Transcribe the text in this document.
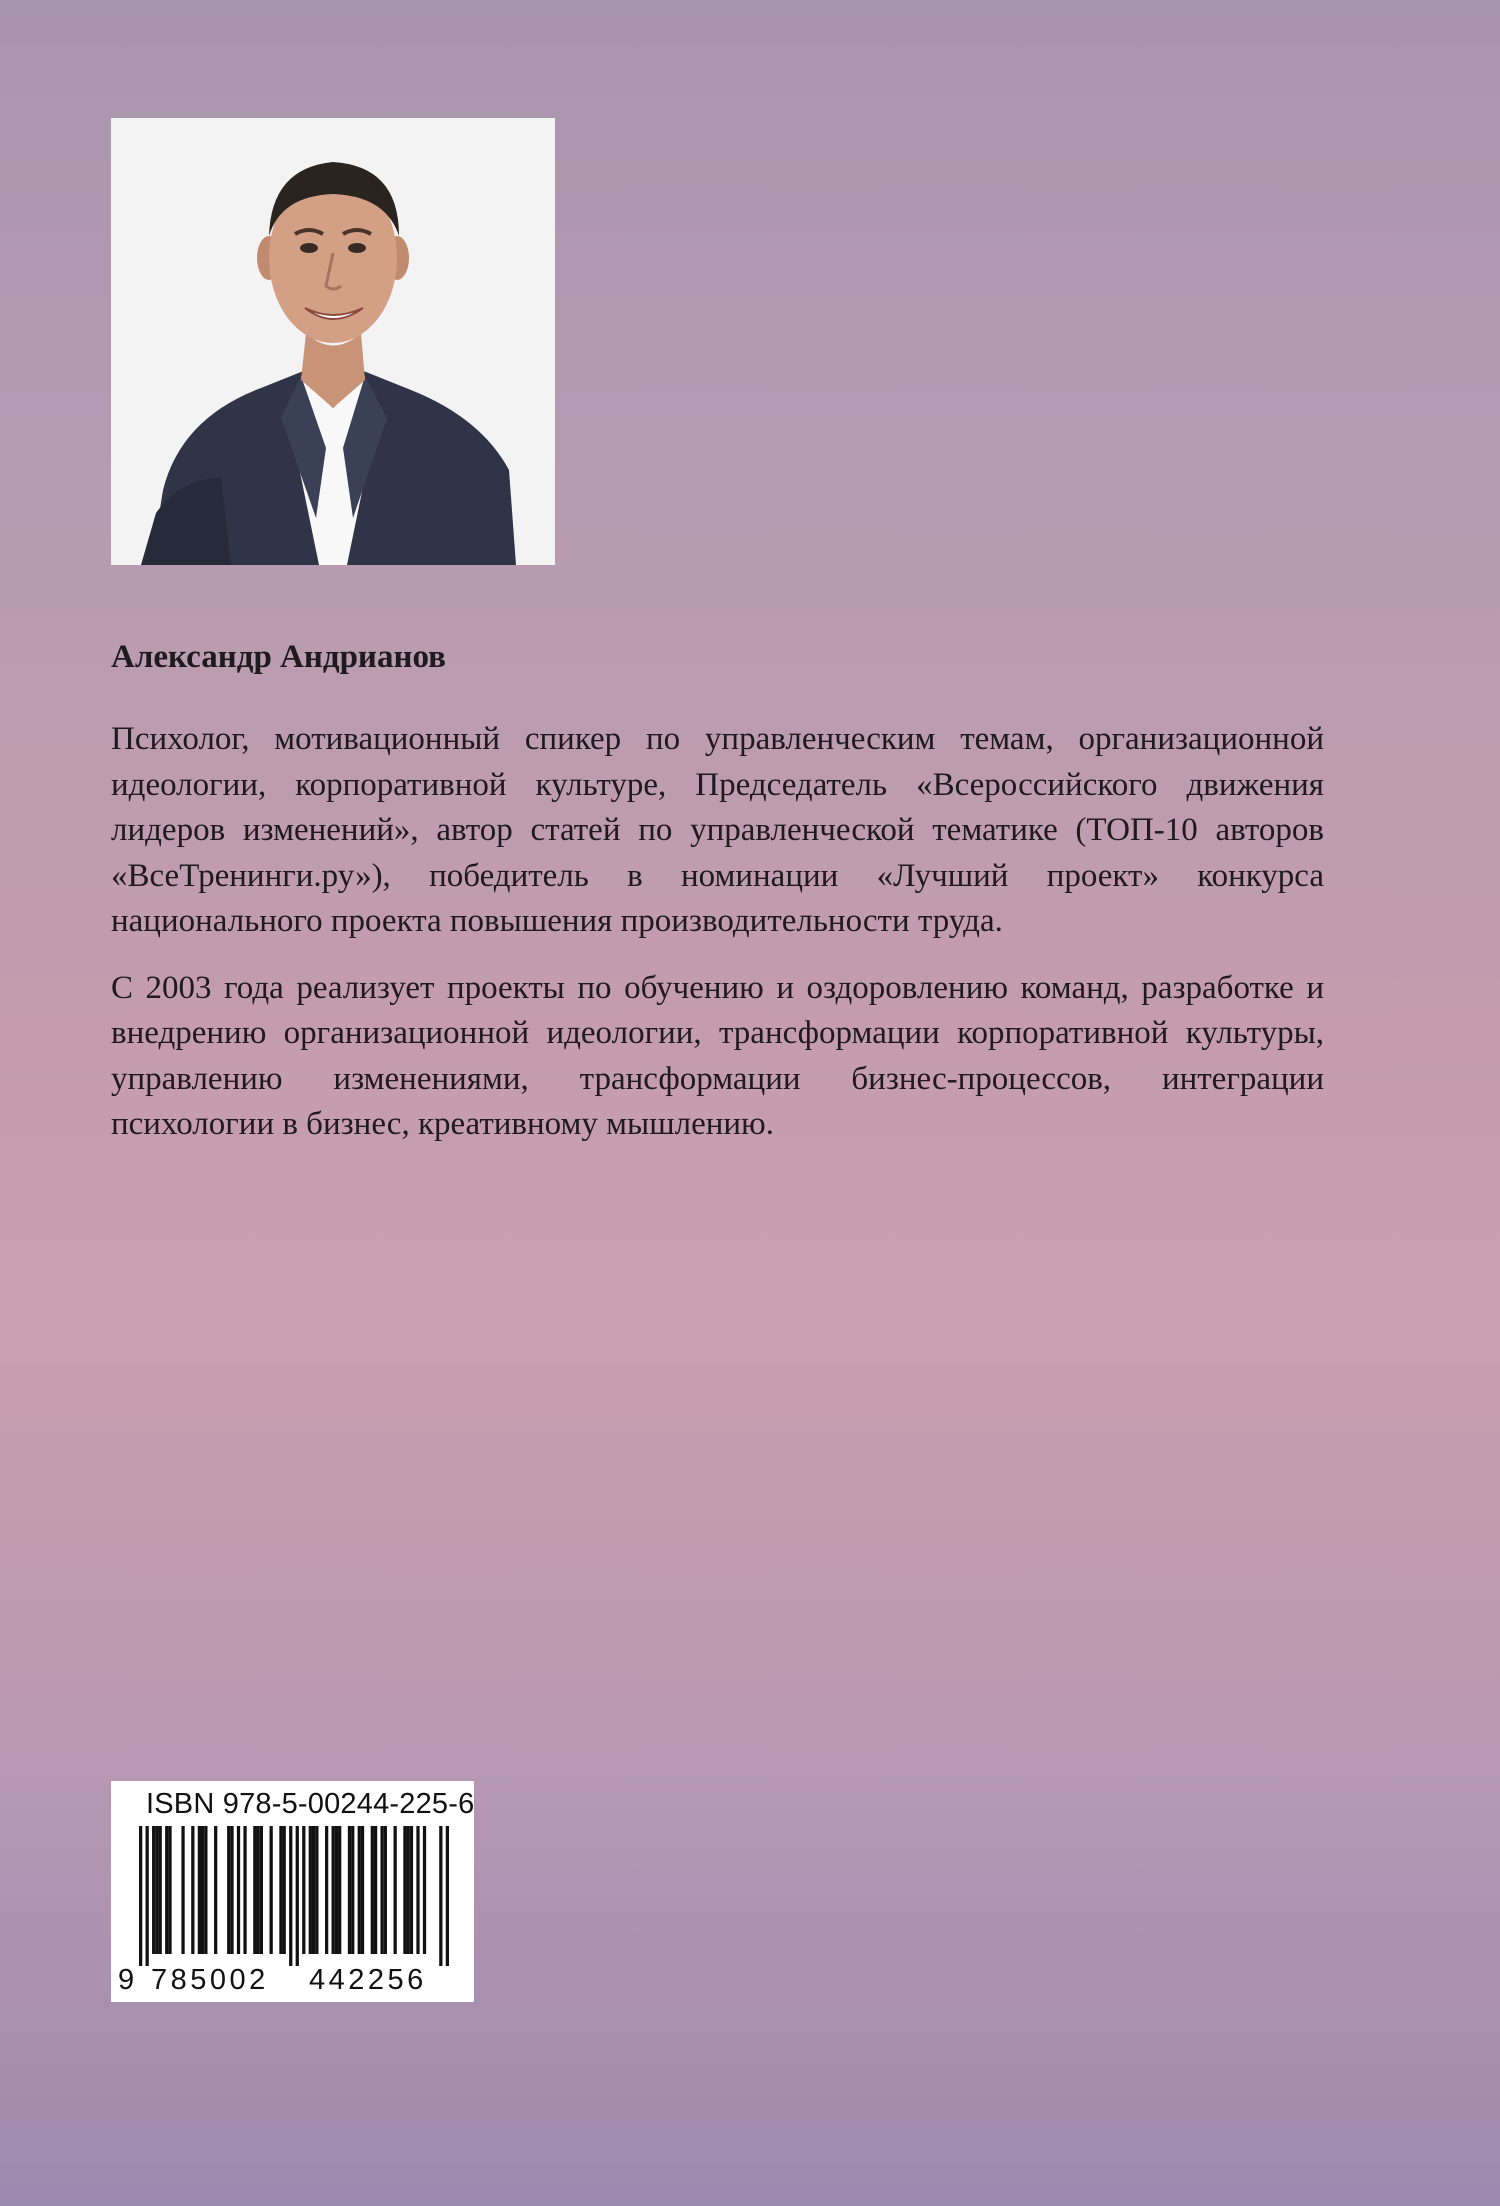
Александр Андрианов

Психолог, мотивационный спикер по управленческим темам, организационной идеологии, корпоративной культуре, Председатель «Всероссийского движения лидеров изменений», автор статей по управленческой тематике (ТОП-10 авторов «ВсеТренинги.ру»), победитель в номинации «Лучший проект» конкурса национального проекта повышения производительности труда.

С 2003 года реализует проекты по обучению и оздоровлению команд, разработке и внедрению организационной идеологии, трансформации корпоративной культуры, управлению изменениями, трансформации бизнес-процессов, интеграции психологии в бизнес, креативному мышлению.

ISBN 978-5-00244-225-6
9 785002 442256
